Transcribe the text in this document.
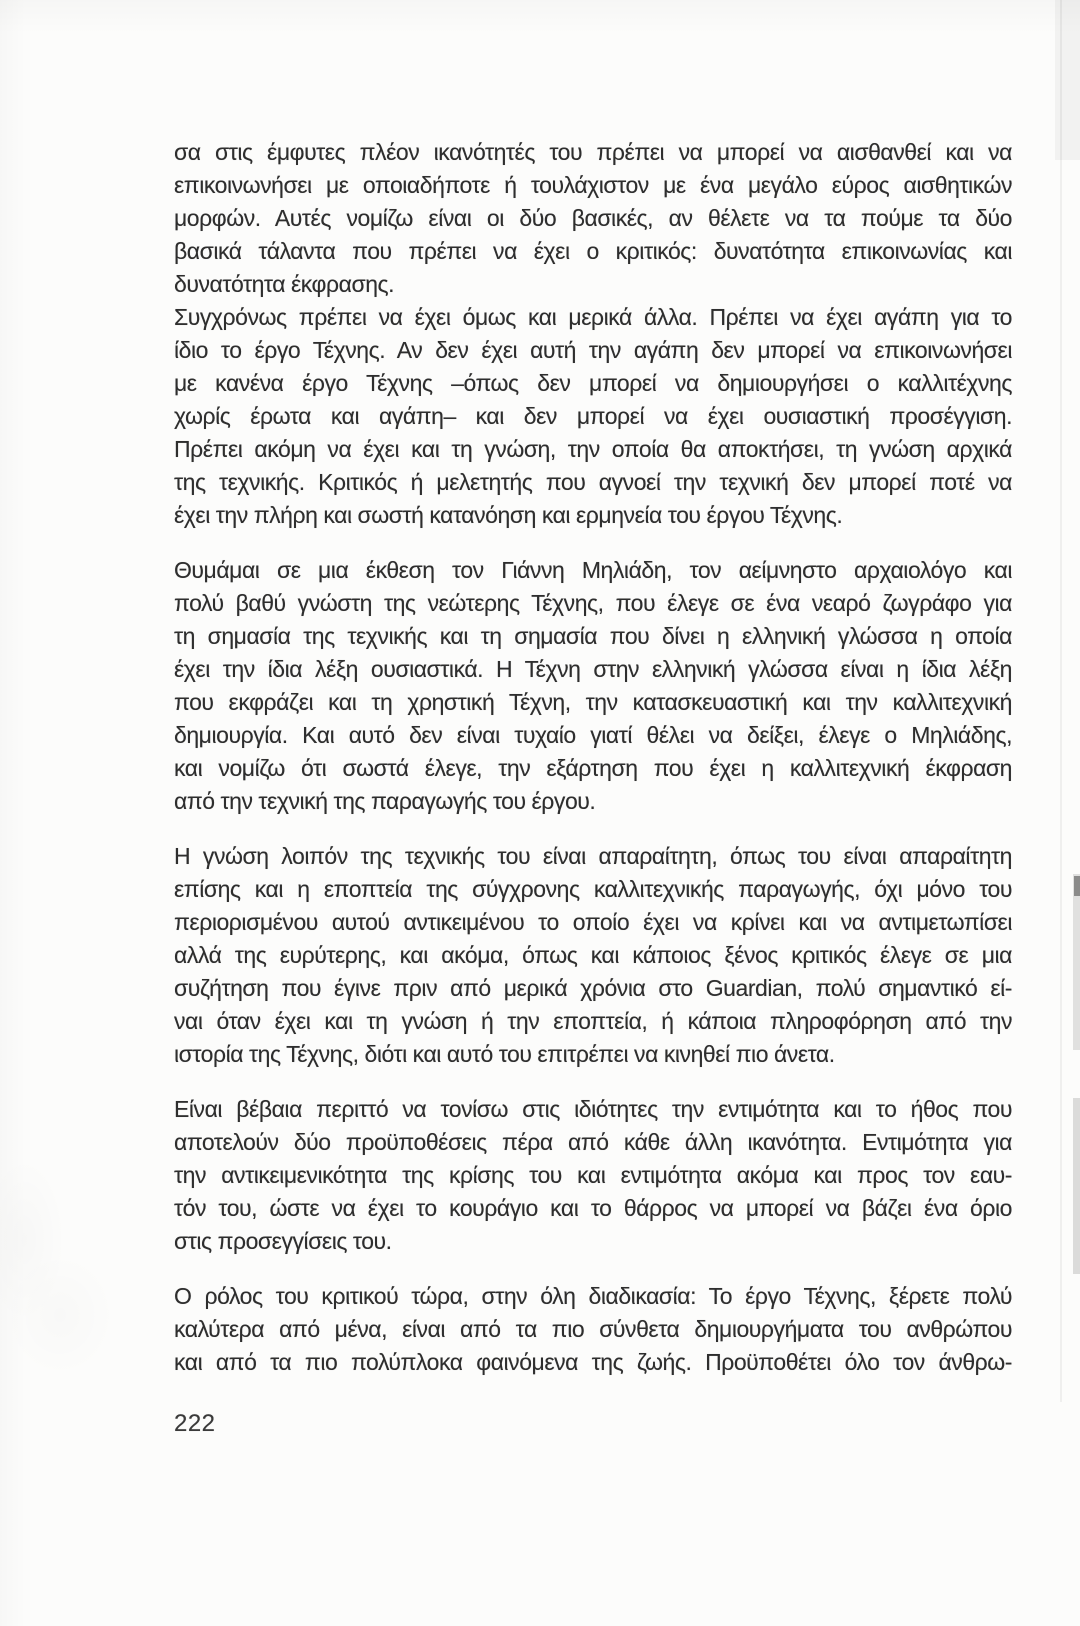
σα στις έμφυτες πλέον ικανότητές του πρέπει να μπορεί να αισθανθεί και να
επικοινωνήσει με οποιαδήποτε ή τουλάχιστον με ένα μεγάλο εύρος αισθητικών
μορφών. Αυτές νομίζω είναι οι δύο βασικές, αν θέλετε να τα πούμε τα δύο
βασικά τάλαντα που πρέπει να έχει ο κριτικός: δυνατότητα επικοινωνίας και
δυνατότητα έκφρασης.
Συγχρόνως πρέπει να έχει όμως και μερικά άλλα. Πρέπει να έχει αγάπη για το
ίδιο το έργο Τέχνης. Αν δεν έχει αυτή την αγάπη δεν μπορεί να επικοινωνήσει
με κανένα έργο Τέχνης –όπως δεν μπορεί να δημιουργήσει ο καλλιτέχνης
χωρίς έρωτα και αγάπη– και δεν μπορεί να έχει ουσιαστική προσέγγιση.
Πρέπει ακόμη να έχει και τη γνώση, την οποία θα αποκτήσει, τη γνώση αρχικά
της τεχνικής. Κριτικός ή μελετητής που αγνοεί την τεχνική δεν μπορεί ποτέ να
έχει την πλήρη και σωστή κατανόηση και ερμηνεία του έργου Τέχνης.
Θυμάμαι σε μια έκθεση τον Γιάννη Μηλιάδη, τον αείμνηστο αρχαιολόγο και
πολύ βαθύ γνώστη της νεώτερης Τέχνης, που έλεγε σε ένα νεαρό ζωγράφο για
τη σημασία της τεχνικής και τη σημασία που δίνει η ελληνική γλώσσα η οποία
έχει την ίδια λέξη ουσιαστικά. Η Τέχνη στην ελληνική γλώσσα είναι η ίδια λέξη
που εκφράζει και τη χρηστική Τέχνη, την κατασκευαστική και την καλλιτεχνική
δημιουργία. Και αυτό δεν είναι τυχαίο γιατί θέλει να δείξει, έλεγε ο Μηλιάδης,
και νομίζω ότι σωστά έλεγε, την εξάρτηση που έχει η καλλιτεχνική έκφραση
από την τεχνική της παραγωγής του έργου.
Η γνώση λοιπόν της τεχνικής του είναι απαραίτητη, όπως του είναι απαραίτητη
επίσης και η εποπτεία της σύγχρονης καλλιτεχνικής παραγωγής, όχι μόνο του
περιορισμένου αυτού αντικειμένου το οποίο έχει να κρίνει και να αντιμετωπίσει
αλλά της ευρύτερης, και ακόμα, όπως και κάποιος ξένος κριτικός έλεγε σε μια
συζήτηση που έγινε πριν από μερικά χρόνια στο Guardian, πολύ σημαντικό εί-
ναι όταν έχει και τη γνώση ή την εποπτεία, ή κάποια πληροφόρηση από την
ιστορία της Τέχνης, διότι και αυτό του επιτρέπει να κινηθεί πιο άνετα.
Είναι βέβαια περιττό να τονίσω στις ιδιότητες την εντιμότητα και το ήθος που
αποτελούν δύο προϋποθέσεις πέρα από κάθε άλλη ικανότητα. Εντιμότητα για
την αντικειμενικότητα της κρίσης του και εντιμότητα ακόμα και προς τον εαυ-
τόν του, ώστε να έχει το κουράγιο και το θάρρος να μπορεί να βάζει ένα όριο
στις προσεγγίσεις του.
Ο ρόλος του κριτικού τώρα, στην όλη διαδικασία: Το έργο Τέχνης, ξέρετε πολύ
καλύτερα από μένα, είναι από τα πιο σύνθετα δημιουργήματα του ανθρώπου
και από τα πιο πολύπλοκα φαινόμενα της ζωής. Προϋποθέτει όλο τον άνθρω-
222
